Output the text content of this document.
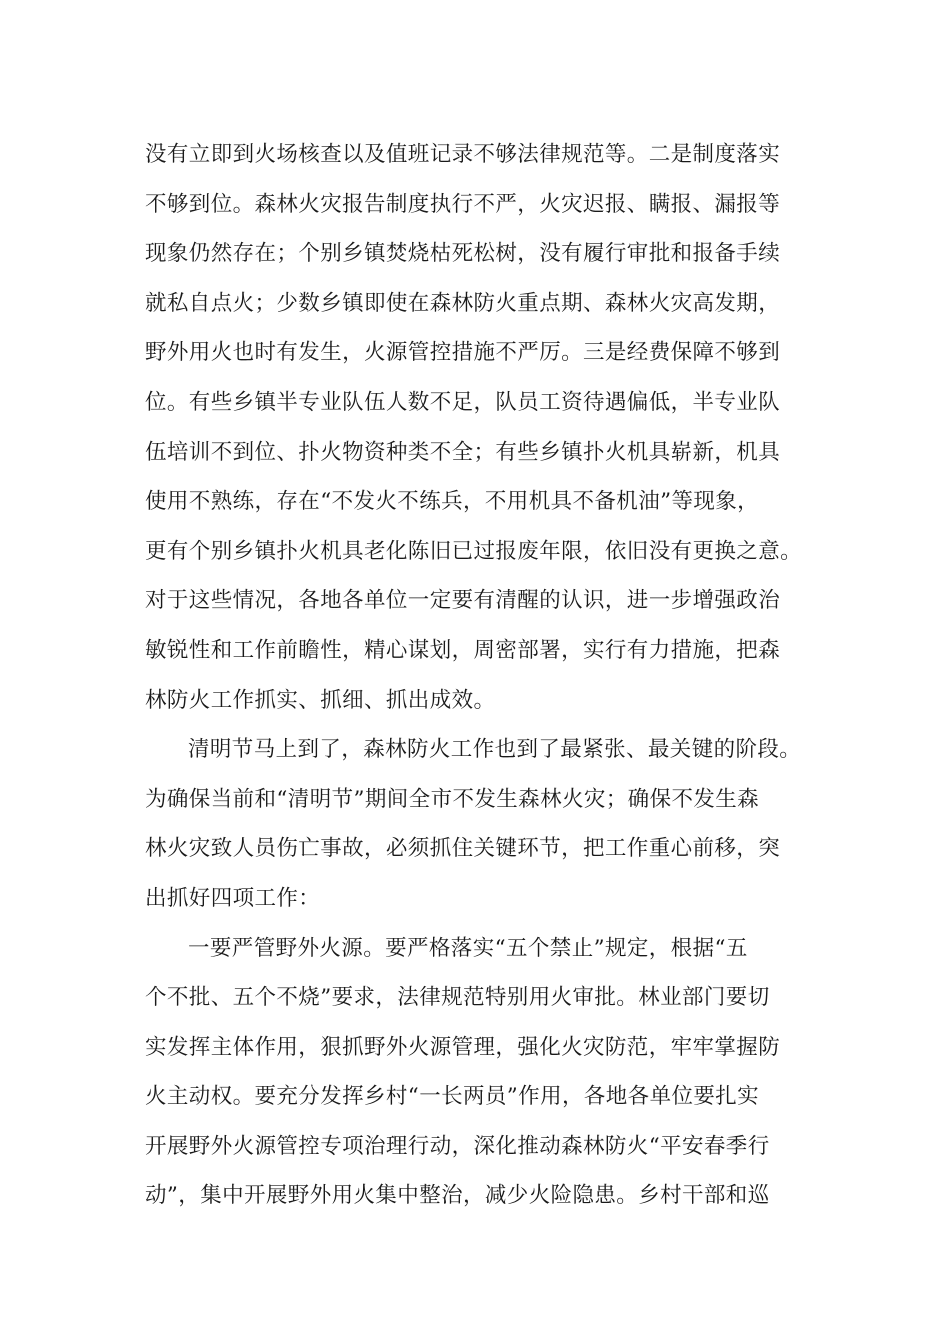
没有立即到火场核查以及值班记录不够法律规范等。二是制度落实
不够到位。森林火灾报告制度执行不严，火灾迟报、瞒报、漏报等
现象仍然存在；个别乡镇焚烧枯死松树，没有履行审批和报备手续
就私自点火；少数乡镇即使在森林防火重点期、森林火灾高发期，
野外用火也时有发生，火源管控措施不严厉。三是经费保障不够到
位。有些乡镇半专业队伍人数不足，队员工资待遇偏低，半专业队
伍培训不到位、扑火物资种类不全；有些乡镇扑火机具崭新，机具
使用不熟练，存在“不发火不练兵，不用机具不备机油”等现象，
更有个别乡镇扑火机具老化陈旧已过报废年限，依旧没有更换之意。
对于这些情况，各地各单位一定要有清醒的认识，进一步增强政治
敏锐性和工作前瞻性，精心谋划，周密部署，实行有力措施，把森
林防火工作抓实、抓细、抓出成效。
清明节马上到了，森林防火工作也到了最紧张、最关键的阶段。
为确保当前和“清明节”期间全市不发生森林火灾；确保不发生森
林火灾致人员伤亡事故，必须抓住关键环节，把工作重心前移，突
出抓好四项工作：
一要严管野外火源。要严格落实“五个禁止”规定，根据“五
个不批、五个不烧”要求，法律规范特别用火审批。林业部门要切
实发挥主体作用，狠抓野外火源管理，强化火灾防范，牢牢掌握防
火主动权。要充分发挥乡村“一长两员”作用，各地各单位要扎实
开展野外火源管控专项治理行动，深化推动森林防火“平安春季行
动”，集中开展野外用火集中整治，减少火险隐患。乡村干部和巡
